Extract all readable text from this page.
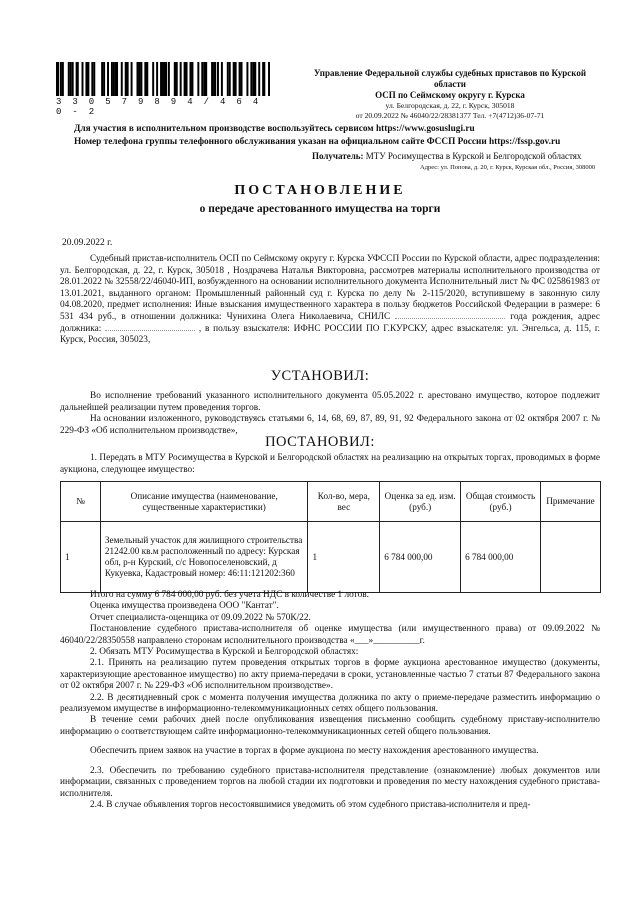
3 3 0 5 7 9 8 9 4 / 4 6 4 0 - 2
Управление Федеральной службы судебных приставов по Курской области
ОСП по Сеймскому округу г. Курска
ул. Белгородская, д. 22, г. Курск, 305018
от 20.09.2022 № 46040/22/28381377 Тел. +7(4712)36-07-71
Для участия в исполнительном производстве воспользуйтесь сервисом https://www.gosuslugi.ru
Номер телефона группы телефонного обслуживания указан на официальном сайте ФССП России https://fssp.gov.ru
Получатель: МТУ Росимущества в Курской и Белгородской областях
Адрес: ул. Попова, д. 20, г. Курск, Курская обл., Россия, 308000
ПОСТАНОВЛЕНИЕ
о передаче арестованного имущества на торги
20.09.2022 г.

Судебный пристав-исполнитель ОСП по Сеймскому округу г. Курска УФССП России по Курской области, адрес подразделения: ул. Белгородская, д. 22, г. Курск, 305018 , Ноздрачева Наталья Викторовна, рассмотрев материалы исполнительного производства от 28.01.2022 № 32558/22/46040-ИП, возбужденного на основании исполнительного документа Исполнительный лист № ФС 025861983 от 13.01.2021, выданного органом: Промышленный районный суд г. Курска по делу № 2-115/2020, вступившему в законную силу 04.08.2020, предмет исполнения: Иные взыскания имущественного характера в пользу бюджетов Российской Федерации в размере: 6 531 434 руб., в отношении должника: Чунихина Олега Николаевича, СНИЛС	года рождения, адрес должника:	, в пользу взыскателя: ИФНС РОССИИ ПО Г.КУРСКУ, адрес взыскателя: ул. Энгельса, д. 115, г. Курск, Россия, 305023,

УСТАНОВИЛ:

Во исполнение требований указанного исполнительного документа 05.05.2022 г. арестовано имущество, которое подлежит дальнейшей реализации путем проведения торгов.

На основании изложенного, руководствуясь статьями 6, 14, 68, 69, 87, 89, 91, 92 Федерального закона от 02 октября 2007 г. № 229-ФЗ «Об исполнительном производстве»,

ПОСТАНОВИЛ:

1. Передать в МТУ Росимущества в Курской и Белгородской областях на реализацию на открытых торгах, проводимых в форме аукциона, следующее имущество:

№	Описание имущества (наименование, существенные характеристики)	Кол-во, мера, вес	Оценка за ед. изм. (руб.)	Общая стоимость (руб.)	Примечание
1	Земельный участок для жилищного строительства 21242.00 кв.м расположенный по адресу: Курская обл, р-н Курский, с/с Новопоселеновский, д Кукуевка, Кадастровый номер: 46:11:121202:360	1	6 784 000,00	6 784 000,00	

Итого на сумму 6 784 000,00 руб. без учета НДС в количестве 1 лотов.

Оценка имущества произведена ООО "Кантат".

Отчет специалиста-оценщика от 09.09.2022 № 570К/22.

Постановление судебного пристава-исполнителя об оценке имущества (или имущественного права) от 09.09.2022 № 46040/22/28350558 направлено сторонам исполнительного производства «___»__________г.

2. Обязать МТУ Росимущества в Курской и Белгородской областях:

2.1. Принять на реализацию путем проведения открытых торгов в форме аукциона арестованное имущество (документы, характеризующие арестованное имущество) по акту приема-передачи в сроки, установленные частью 7 статьи 87 Федерального закона от 02 октября 2007 г. № 229-ФЗ «Об исполнительном производстве».

2.2. В десятидневный срок с момента получения имущества должника по акту о приеме-передаче разместить информацию о реализуемом имуществе в информационно-телекоммуникационных сетях общего пользования.

В течение семи рабочих дней после опубликования извещения письменно сообщить судебному приставу-исполнителю информацию о соответствующем сайте информационно-телекоммуникационных сетей общего пользования.

Обеспечить прием заявок на участие в торгах в форме аукциона по месту нахождения арестованного имущества.

2.3. Обеспечить по требованию судебного пристава-исполнителя представление (ознакомление) любых документов или информации, связанных с проведением торгов на любой стадии их подготовки и проведения по месту нахождения судебного пристава-исполнителя.

2.4. В случае объявления торгов несостоявшимися уведомить об этом судебного пристава-исполнителя и пред-
